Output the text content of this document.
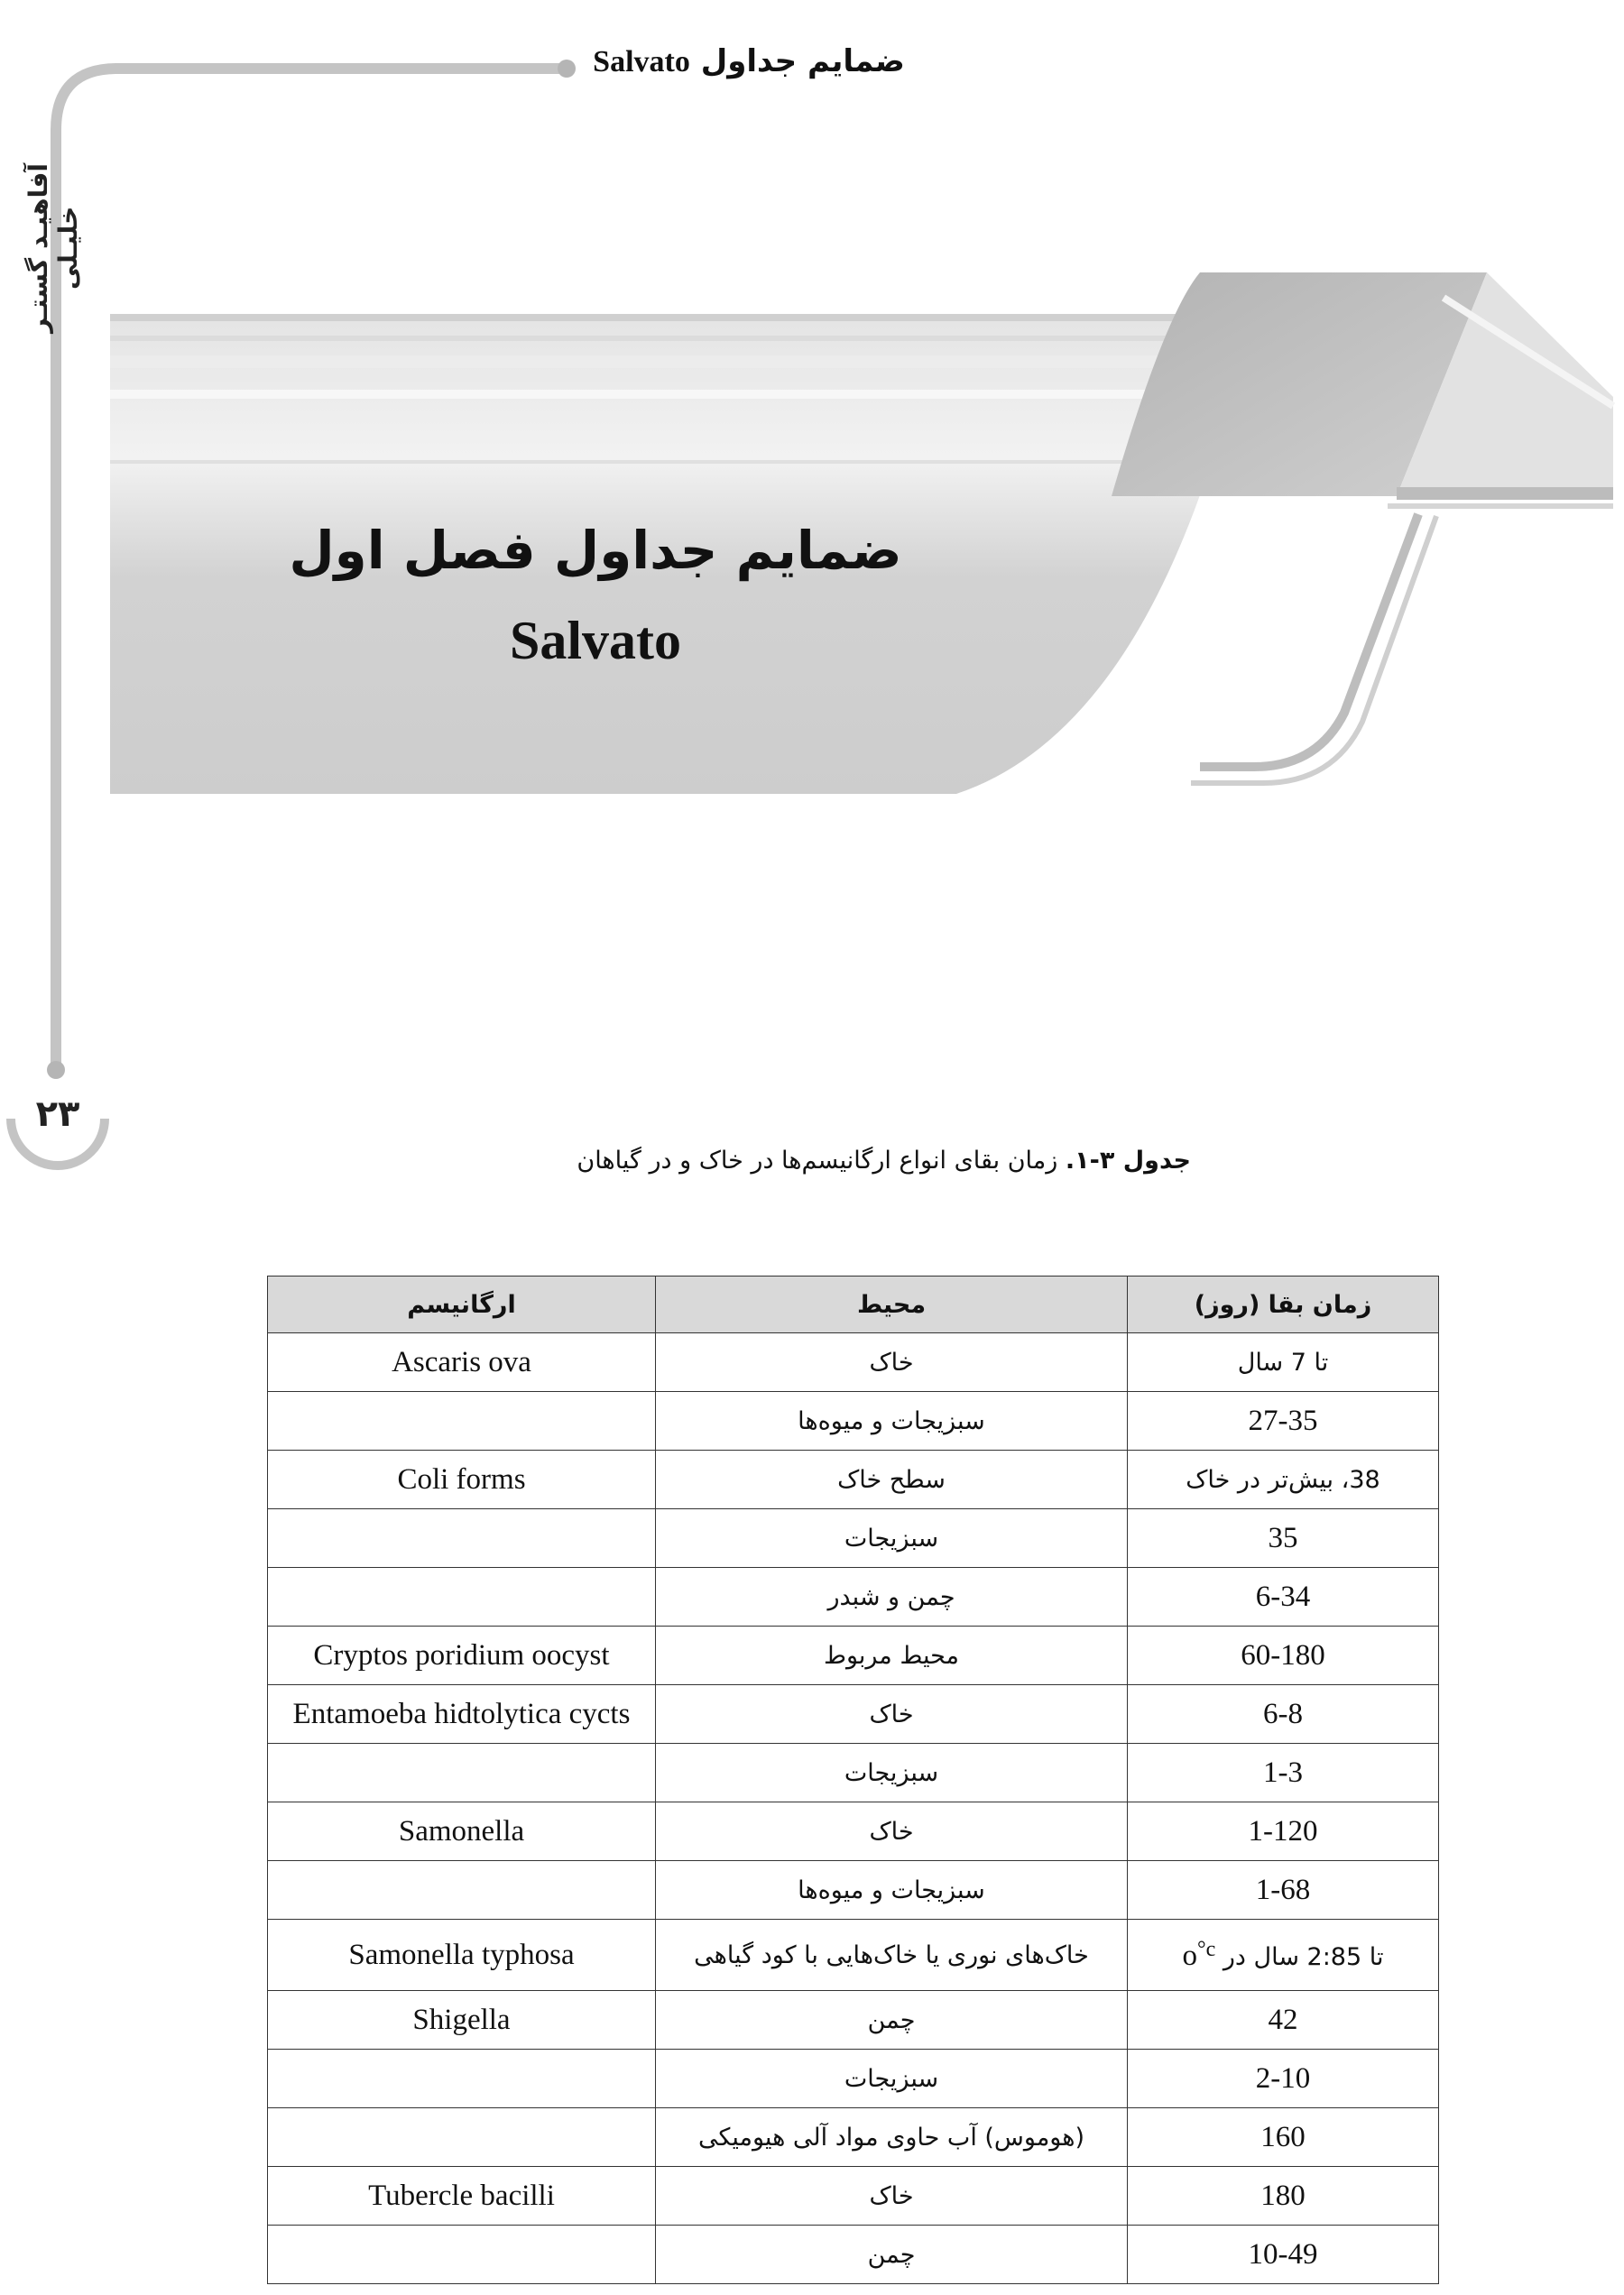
ضمایم جداول Salvato
آفاهیـد گستـر خلیـلی
۲۳
ضمایم جداول فصل اول Salvato
جدول ۳-۱. زمان بقای انواع ارگانیسم‌ها در خاک و در گیاهان
زمان بقا (روز)	محیط	ارگانیسم
تا 7 سال	خاک	Ascaris ova
27-35	سبزیجات و میوه‌ها	
38، بیش‌تر در خاک	سطح خاک	Coli forms
35	سبزیجات	
6-34	چمن و شبدر	
60-180	محیط مربوط	Cryptos poridium oocyst
6-8	خاک	Entamoeba hidtolytica cycts
1-3	سبزیجات	
1-120	خاک	Samonella
1-68	سبزیجات و میوه‌ها	
تا 2:85 سال در $o^{^\circ c}$	خاک‌های نوری یا خاک‌هایی با کود گیاهی	Samonella typhosa
42	چمن	Shigella
2-10	سبزیجات	
160	(هوموس) آب حاوی مواد آلی هیومیکی	
180	خاک	Tubercle bacilli
10-49	چمن	
